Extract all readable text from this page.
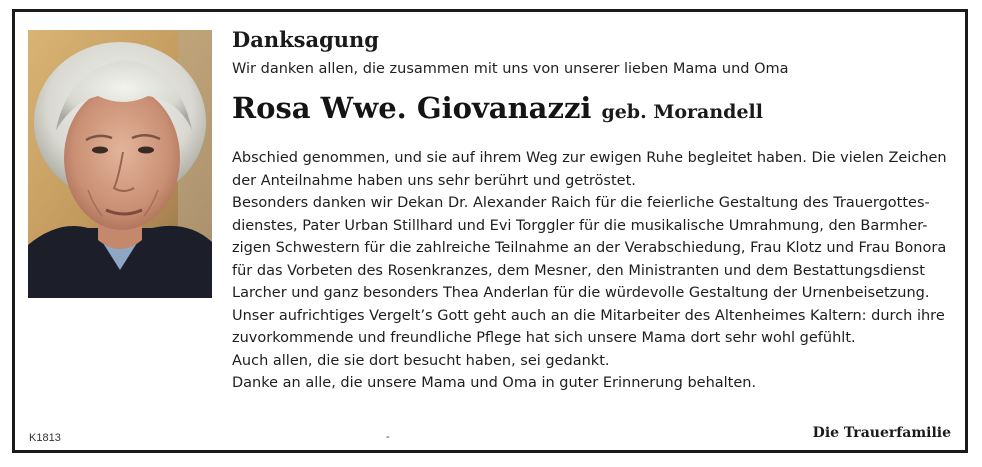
Danksagung

Wir danken allen, die zusammen mit uns von unserer lieben Mama und Oma

Rosa Wwe. Giovanazzi geb. Morandell
Abschied genommen, und sie auf ihrem Weg zur ewigen Ruhe begleitet haben. Die vielen Zeichen
der Anteilnahme haben uns sehr berührt und getröstet.
Besonders danken wir Dekan Dr. Alexander Raich für die feierliche Gestaltung des Trauergottes-
dienstes, Pater Urban Stillhard und Evi Torggler für die musikalische Umrahmung, den Barmher-
zigen Schwestern für die zahlreiche Teilnahme an der Verabschiedung, Frau Klotz und Frau Bonora
für das Vorbeten des Rosenkranzes, dem Mesner, den Ministranten und dem Bestattungsdienst
Larcher und ganz besonders Thea Anderlan für die würdevolle Gestaltung der Urnenbeisetzung.
Unser aufrichtiges Vergelt’s Gott geht auch an die Mitarbeiter des Altenheimes Kaltern: durch ihre
zuvorkommende und freundliche Pflege hat sich unsere Mama dort sehr wohl gefühlt.
Auch allen, die sie dort besucht haben, sei gedankt.
Danke an alle, die unsere Mama und Oma in guter Erinnerung behalten.
K1813	-	Die Trauerfamilie
